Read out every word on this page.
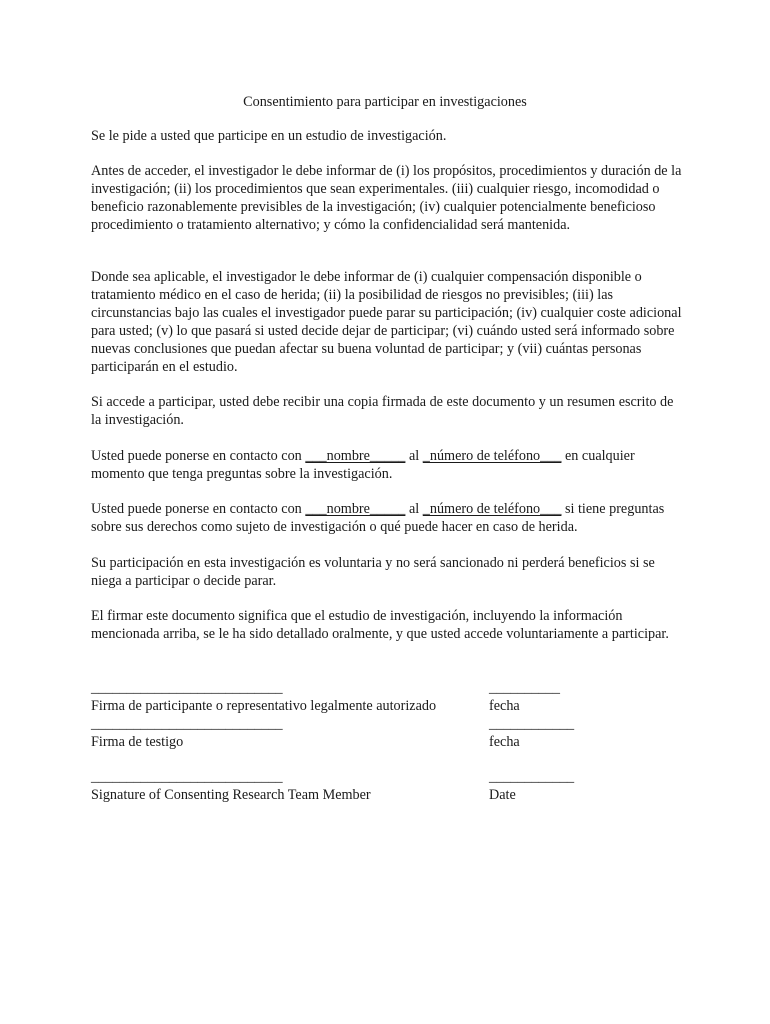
Consentimiento para participar en investigaciones

Se le pide a usted que participe en un estudio de investigación.

Antes de acceder, el investigador le debe informar de (i) los propósitos, procedimientos y duración de la investigación; (ii) los procedimientos que sean experimentales. (iii) cualquier riesgo, incomodidad o beneficio razonablemente previsibles de la investigación; (iv) cualquier potencialmente beneficioso procedimiento o tratamiento alternativo; y cómo la confidencialidad será mantenida.

Donde sea aplicable, el investigador le debe informar de (i) cualquier compensación disponible o tratamiento médico en el caso de herida; (ii) la posibilidad de riesgos no previsibles; (iii) las circunstancias bajo las cuales el investigador puede parar su participación; (iv) cualquier coste adicional para usted; (v) lo que pasará si usted decide dejar de participar; (vi) cuándo usted será informado sobre nuevas conclusiones que puedan afectar su buena voluntad de participar; y (vii) cuántas personas participarán en el estudio.

Si accede a participar, usted debe recibir una copia firmada de este documento y un resumen escrito de la investigación.

Usted puede ponerse en contacto con ___nombre_____ al _número de teléfono___ en cualquier momento que tenga preguntas sobre la investigación.

Usted puede ponerse en contacto con ___nombre_____ al _número de teléfono___ si tiene preguntas sobre sus derechos como sujeto de investigación o qué puede hacer en caso de herida.

Su participación en esta investigación es voluntaria y no será sancionado ni perderá beneficios si se niega a participar o decide parar.

El firmar este documento significa que el estudio de investigación, incluyendo la información mencionada arriba, se le ha sido detallado oralmente, y que usted accede voluntariamente a participar.

___________________________	__________
Firma de participante o representativo legalmente autorizado	fecha
___________________________	____________
Firma de testigo	fecha
___________________________	____________
Signature of Consenting Research Team Member	Date
